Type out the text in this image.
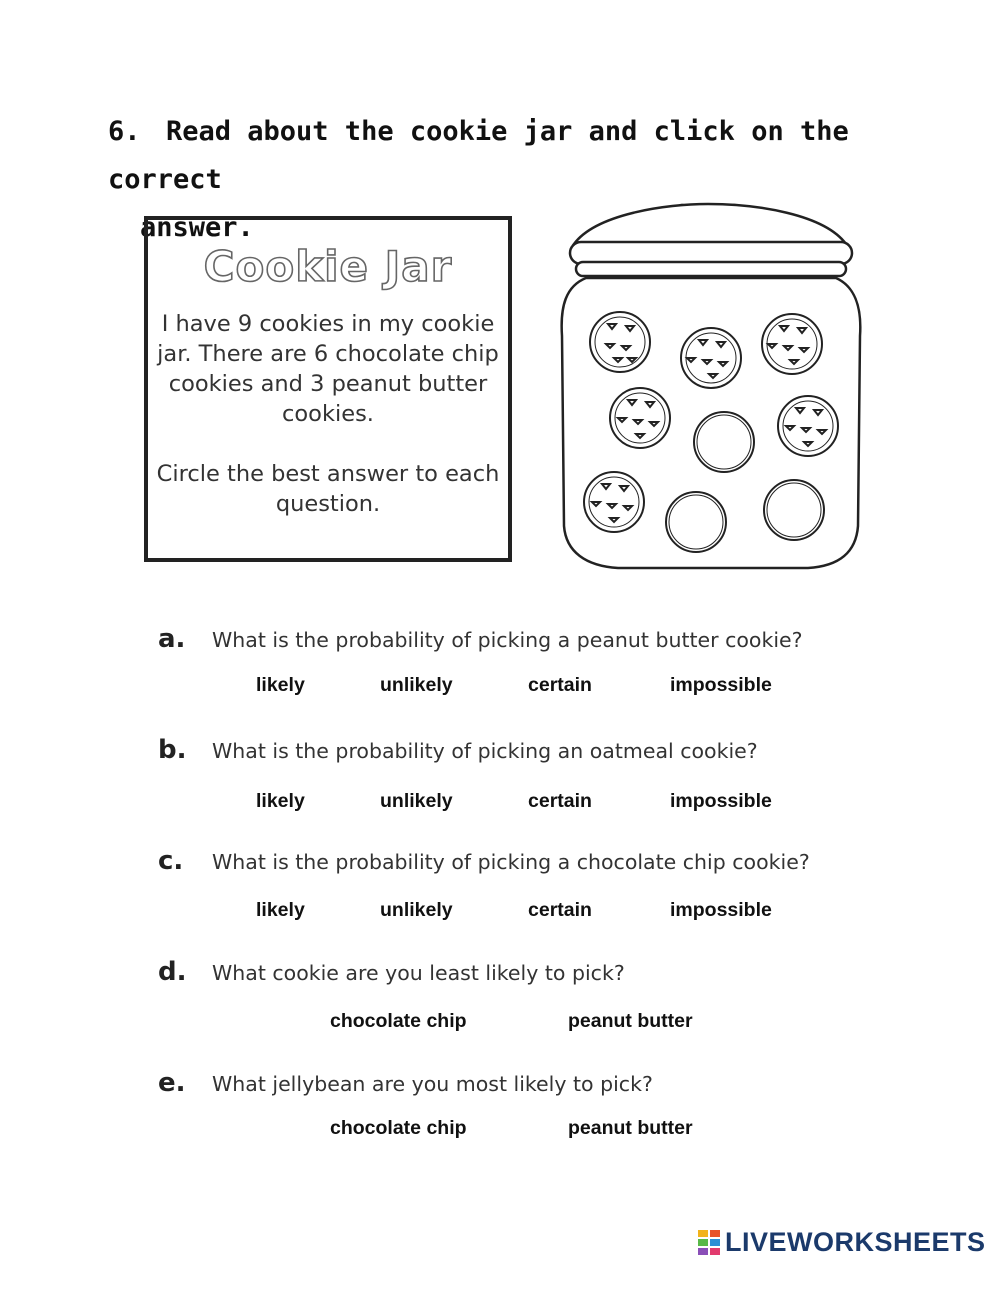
6. Read about the cookie jar and click on the correct
answer.
Cookie Jar
I have 9 cookies in my cookie jar. There are 6 chocolate chip cookies and 3 peanut butter cookies.
Circle the best answer to each question.
a. What is the probability of picking a peanut butter cookie?
likely	unlikely	certain	impossible
b. What is the probability of picking an oatmeal cookie?
likely	unlikely	certain	impossible
c. What is the probability of picking a chocolate chip cookie?
likely	unlikely	certain	impossible
d. What cookie are you least likely to pick?
chocolate chip	peanut butter
e. What jellybean are you most likely to pick?
chocolate chip	peanut butter
LIVEWORKSHEETS
